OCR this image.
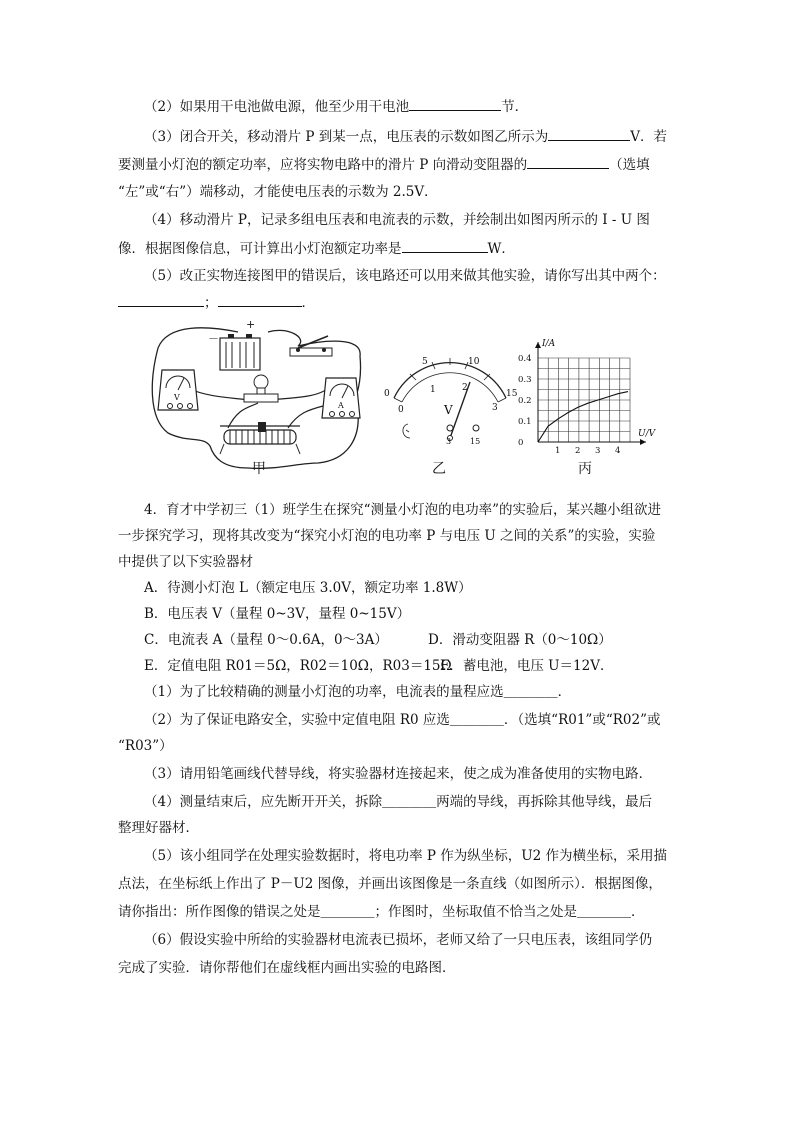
（2）如果用干电池做电源，他至少用干电池	节．
（3）闭合开关，移动滑片 P 到某一点，电压表的示数如图乙所示为	V．若
要测量小灯泡的额定功率，应将实物电路中的滑片 P 向滑动变阻器的	（选填
“左”或“右”）端移动，才能使电压表的示数为 2.5V．
（4）移动滑片 P，记录多组电压表和电流表的示数，并绘制出如图丙所示的 I - U 图
像．根据图像信息，可计算出小灯泡额定功率是	W．
（5）改正实物连接图甲的错误后，该电路还可以用来做其他实验，请你写出其中两个：
；	．
－
+
V
A
甲
0
1	2
3
0
5	10
15
V
3 15
乙
0.4
0.3
0.2
0.1
0
1 2 3 4
I/A
U/V
丙
4．育才中学初三（1）班学生在探究“测量小灯泡的电功率”的实验后，某兴趣小组欲进
一步探究学习，现将其改变为“探究小灯泡的电功率 P 与电压 U 之间的关系”的实验，实验
中提供了以下实验器材
A．待测小灯泡 L（额定电压 3.0V，额定功率 1.8W）
B．电压表 V（量程 0~3V，量程 0~15V）
C．电流表 A（量程 0～0.6A，0～3A）	D．滑动变阻器 R（0～10Ω）
E．定值电阻 R01＝5Ω，R02＝10Ω，R03＝15Ω
F．蓄电池，电压 U＝12V．
（1）为了比较精确的测量小灯泡的功率，电流表的量程应选＿＿＿＿．
（2）为了保证电路安全，实验中定值电阻 R0 应选＿＿＿＿．（选填“R01”或“R02”或
“R03”）
（3）请用铅笔画线代替导线，将实验器材连接起来，使之成为准备使用的实物电路．
（4）测量结束后，应先断开开关，拆除＿＿＿＿两端的导线，再拆除其他导线，最后
整理好器材．
（5）该小组同学在处理实验数据时，将电功率 P 作为纵坐标，U2 作为横坐标，采用描
点法，在坐标纸上作出了 P－U2 图像，并画出该图像是一条直线（如图所示）．根据图像，
请你指出：所作图像的错误之处是＿＿＿＿；作图时，坐标取值不恰当之处是＿＿＿＿．
（6）假设实验中所给的实验器材电流表已损坏，老师又给了一只电压表，该组同学仍
完成了实验．请你帮他们在虚线框内画出实验的电路图．
